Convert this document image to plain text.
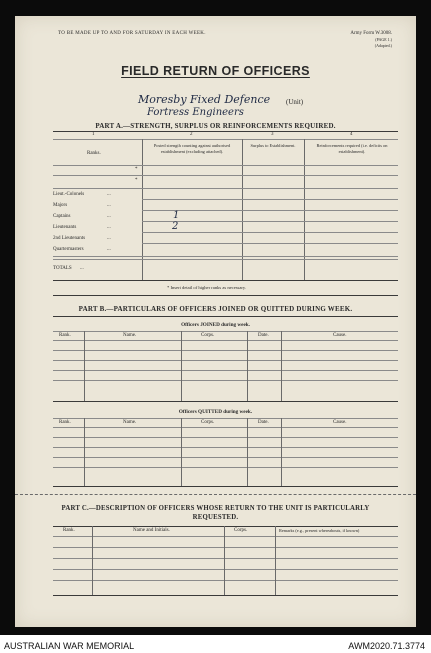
TO BE MADE UP TO AND FOR SATURDAY IN EACH WEEK.	Army Form W.3008.
(PAGE 1.)
(Adapted.)
FIELD RETURN OF OFFICERS
Moresby Fixed Defence (Unit)
Fortress Engineers
PART A.—STRENGTH, SURPLUS OR REINFORCEMENTS REQUIRED.
1	2	3	4
Ranks.
Posted strength counting against authorised establishment (excluding attached).
Surplus to Establishment.	Reinforcements required (i.e. deficits on establishment).
*
*
Lieut.-Colonels	...
Majors	...
Captains	...	1
Lieutenants	...	2
2nd Lieutenants	...
Quartermasters	...
TOTALS ...
* Insert detail of higher ranks as necessary.
PART B.—PARTICULARS OF OFFICERS JOINED OR QUITTED DURING WEEK.
Officers JOINED during week.
Rank.	Name.	Corps.	Date.	Cause.
Officers QUITTED during week.
Rank.	Name.	Corps.	Date.	Cause.
PART C.—DESCRIPTION OF OFFICERS WHOSE RETURN TO THE UNIT IS PARTICULARLY
REQUESTED.
Rank.	Name and Initials.	Corps.	Remarks (e.g., present whereabouts, if known)
AUSTRALIAN WAR MEMORIAL	AWM2020.71.3774
